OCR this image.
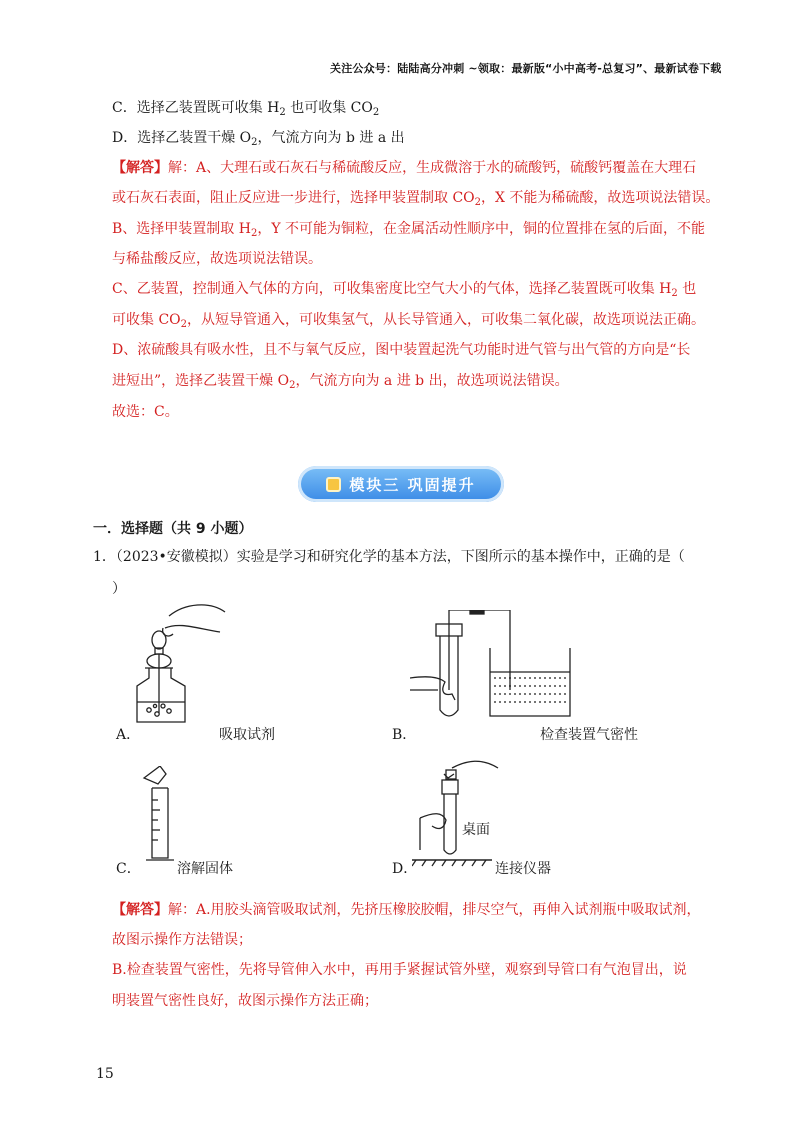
关注公众号：陆陆高分冲刺 ~领取：最新版“小中高考-总复习”、最新试卷下载
C．选择乙装置既可收集 $H_2$ 也可收集 $CO_2$
D．选择乙装置干燥 $O_2$，气流方向为 b 进 a 出
【解答】解：A、大理石或石灰石与稀硫酸反应，生成微溶于水的硫酸钙，硫酸钙覆盖在大理石
或石灰石表面，阻止反应进一步进行，选择甲装置制取 $CO_2$，X 不能为稀硫酸，故选项说法错误。
B、选择甲装置制取 $H_2$，Y 不可能为铜粒，在金属活动性顺序中，铜的位置排在氢的后面，不能
与稀盐酸反应，故选项说法错误。
C、乙装置，控制通入气体的方向，可收集密度比空气大小的气体，选择乙装置既可收集 $H_2$ 也
可收集 $CO_2$，从短导管通入，可收集氢气，从长导管通入，可收集二氧化碳，故选项说法正确。
D、浓硫酸具有吸水性，且不与氧气反应，图中装置起洗气功能时进气管与出气管的方向是“长
进短出”，选择乙装置干燥 $O_2$，气流方向为 a 进 b 出，故选项说法错误。
故选：C。
模块三 巩固提升
一．选择题（共 9 小题）
1．（2023•安徽模拟）实验是学习和研究化学的基本方法，下图所示的基本操作中，正确的是（
）
A．	吸取试剂	B．	检查装置气密性
C．	溶解固体
桌面
D．	连接仪器
【解答】解：A.用胶头滴管吸取试剂，先挤压橡胶胶帽，排尽空气，再伸入试剂瓶中吸取试剂，
故图示操作方法错误；
B.检查装置气密性，先将导管伸入水中，再用手紧握试管外壁，观察到导管口有气泡冒出，说
明装置气密性良好，故图示操作方法正确；
15
